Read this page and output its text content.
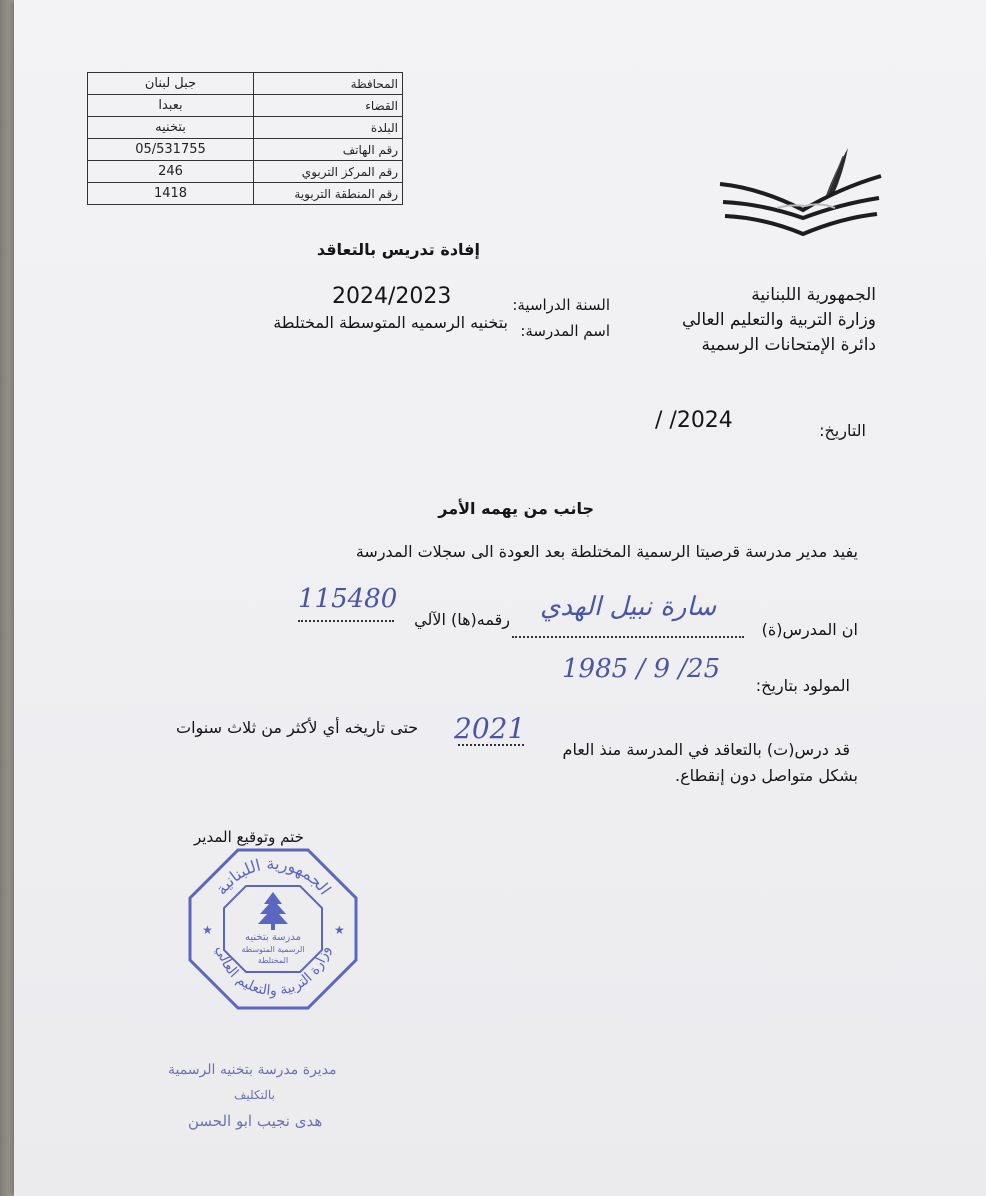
المحافظة	جبل لبنان
القضاء	بعبدا
البلدة	بتخنيه
رقم الهاتف	05/531755
رقم المركز التربوي	246
رقم المنطقة التربوية	1418
الجمهورية اللبنانية
وزارة التربية والتعليم العالي
دائرة الإمتحانات الرسمية
إفادة تدريس بالتعاقد
السنة الدراسية:
2024/2023
اسم المدرسة:
بتخنيه الرسميه المتوسطة المختلطة
التاريخ:
/ /2024
جانب من يهمه الأمر
يفيد مدير مدرسة قرصيتا الرسمية المختلطة بعد العودة الى سجلات المدرسة
ان المدرس(ة)
سارة نبيل الهدي
رقمه(ها) الآلي
115480
المولود بتاريخ:
1985 / 9 /25
قد درس(ت) بالتعاقد في المدرسة منذ العام
2021
حتى تاريخه أي لأكثر من ثلاث سنوات
بشكل متواصل دون إنقطاع.
ختم وتوقيع المدير
الجمهورية اللبنانية
وزارة التربية والتعليم العالي
مدرسة بتخنيه
الرسمية المتوسطة
المختلطة
★	★
مديرة مدرسة بتخنيه الرسمية
بالتكليف
هدى نجيب ابو الحسن
